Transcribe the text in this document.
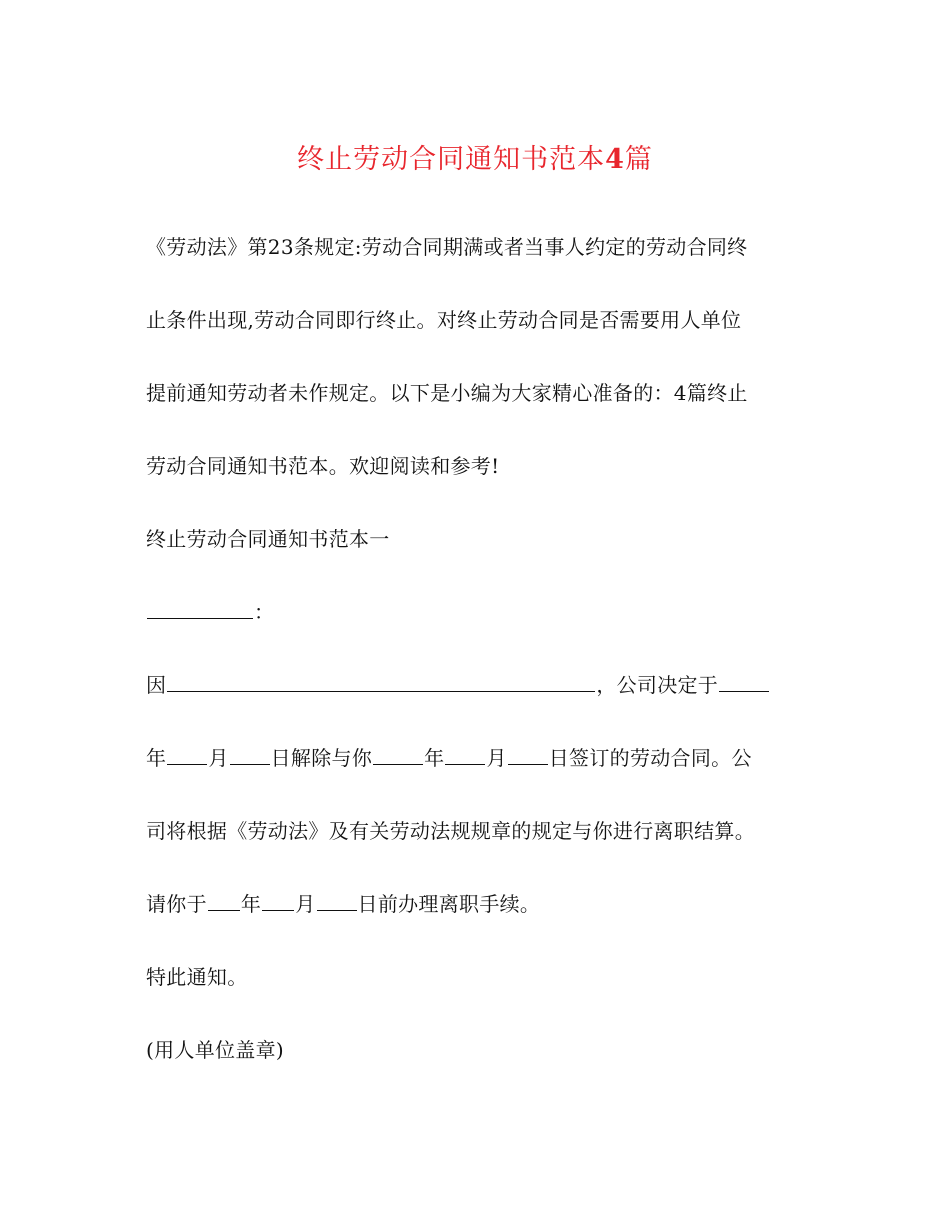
终止劳动合同通知书范本4篇
《劳动法》第23条规定:劳动合同期满或者当事人约定的劳动合同终
止条件出现,劳动合同即行终止。对终止劳动合同是否需要用人单位
提前通知劳动者未作规定。以下是小编为大家精心准备的：4篇终止
劳动合同通知书范本。欢迎阅读和参考!
终止劳动合同通知书范本一
：
因	，公司决定于
年 月 日解除与你	年 月 日签订的劳动合同。公
司将根据《劳动法》及有关劳动法规规章的规定与你进行离职结算。
请你于 年 月 日前办理离职手续。
特此通知。
(用人单位盖章)
